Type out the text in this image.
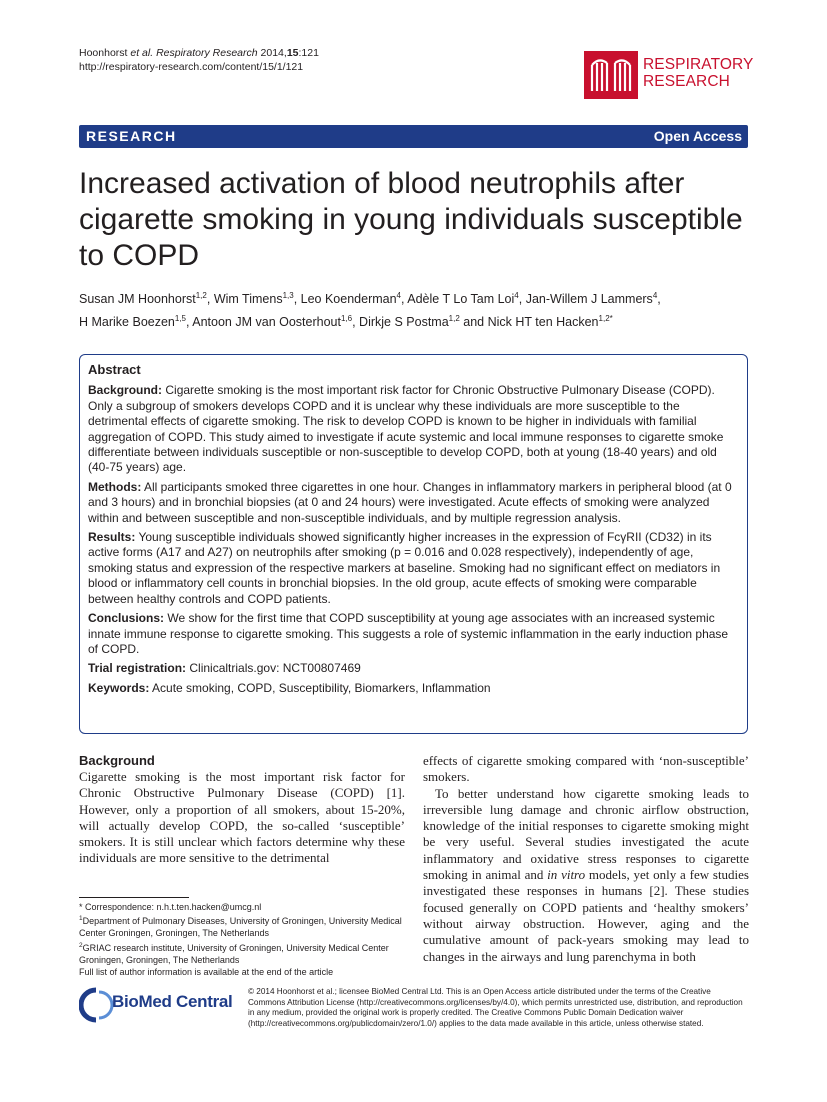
Hoonhorst et al. Respiratory Research 2014,15:121
http://respiratory-research.com/content/15/1/121	RESPIRATORY
RESEARCH
RESEARCH	Open Access
Increased activation of blood neutrophils after cigarette smoking in young individuals susceptible to COPD
Susan JM Hoonhorst$^{1,2}$, Wim Timens$^{1,3}$, Leo Koenderman$^4$, Adèle T Lo Tam Loi$^4$, Jan-Willem J Lammers$^4$,
H Marike Boezen$^{1,5}$, Antoon JM van Oosterhout$^{1,6}$, Dirkje S Postma$^{1,2}$ and Nick HT ten Hacken$^{1,2*}$
Abstract

Background: Cigarette smoking is the most important risk factor for Chronic Obstructive Pulmonary Disease (COPD). Only a subgroup of smokers develops COPD and it is unclear why these individuals are more susceptible to the detrimental effects of cigarette smoking. The risk to develop COPD is known to be higher in individuals with familial aggregation of COPD. This study aimed to investigate if acute systemic and local immune responses to cigarette smoke differentiate between individuals susceptible or non-susceptible to develop COPD, both at young (18-40 years) and old (40-75 years) age.

Methods: All participants smoked three cigarettes in one hour. Changes in inflammatory markers in peripheral blood (at 0 and 3 hours) and in bronchial biopsies (at 0 and 24 hours) were investigated. Acute effects of smoking were analyzed within and between susceptible and non-susceptible individuals, and by multiple regression analysis.

Results: Young susceptible individuals showed significantly higher increases in the expression of FcγRII (CD32) in its active forms (A17 and A27) on neutrophils after smoking (p = 0.016 and 0.028 respectively), independently of age, smoking status and expression of the respective markers at baseline. Smoking had no significant effect on mediators in blood or inflammatory cell counts in bronchial biopsies. In the old group, acute effects of smoking were comparable between healthy controls and COPD patients.

Conclusions: We show for the first time that COPD susceptibility at young age associates with an increased systemic innate immune response to cigarette smoking. This suggests a role of systemic inflammation in the early induction phase of COPD.

Trial registration: Clinicaltrials.gov: NCT00807469

Keywords: Acute smoking, COPD, Susceptibility, Biomarkers, Inflammation

Background

Cigarette smoking is the most important risk factor for Chronic Obstructive Pulmonary Disease (COPD) [1]. However, only a proportion of all smokers, about 15-20%, will actually develop COPD, the so-called ‘susceptible’ smokers. It is still unclear which factors determine why these individuals are more sensitive to the detrimental

effects of cigarette smoking compared with ‘non-susceptible’ smokers.

To better understand how cigarette smoking leads to irreversible lung damage and chronic airflow obstruction, knowledge of the initial responses to cigarette smoking might be very useful. Several studies investigated the acute inflammatory and oxidative stress responses to cigarette smoking in animal and in vitro models, yet only a few studies investigated these responses in humans [2]. These studies focused generally on COPD patients and ‘healthy smokers’ without airway obstruction. However, aging and the cumulative amount of pack-years smoking may lead to changes in the airways and lung parenchyma in both

* Correspondence: n.h.t.ten.hacken@umcg.nl

$^1$Department of Pulmonary Diseases, University of Groningen, University Medical Center Groningen, Groningen, The Netherlands

$^2$GRIAC research institute, University of Groningen, University Medical Center Groningen, Groningen, The Netherlands

Full list of author information is available at the end of the article

BioMed Central
© 2014 Hoonhorst et al.; licensee BioMed Central Ltd. This is an Open Access article distributed under the terms of the Creative Commons Attribution License (http://creativecommons.org/licenses/by/4.0), which permits unrestricted use, distribution, and reproduction in any medium, provided the original work is properly credited. The Creative Commons Public Domain Dedication waiver (http://creativecommons.org/publicdomain/zero/1.0/) applies to the data made available in this article, unless otherwise stated.
